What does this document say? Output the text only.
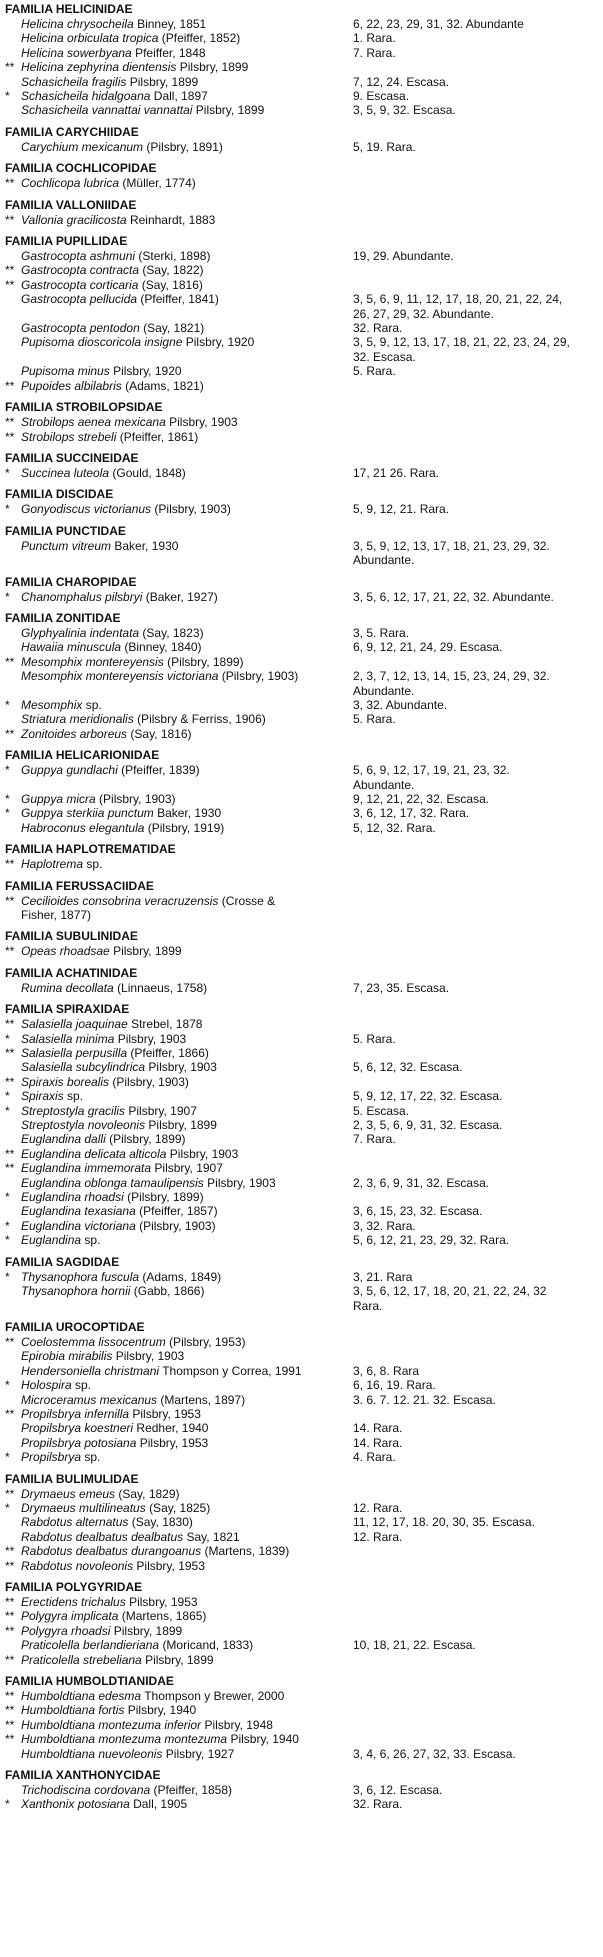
FAMILIA HELICINIDAE
Helicina chrysocheila Binney, 1851	6, 22, 23, 29, 31, 32. Abundante
Helicina orbiculata tropica (Pfeiffer, 1852)	1. Rara.
Helicina sowerbyana Pfeiffer, 1848	7. Rara.
** Helicina zephyrina dientensis Pilsbry, 1899
Schasicheila fragilis Pilsbry, 1899	7, 12, 24. Escasa.
* Schasicheila hidalgoana Dall, 1897	9. Escasa.
Schasicheila vannattai vannattai Pilsbry, 1899	3, 5, 9, 32. Escasa.
FAMILIA CARYCHIIDAE
Carychium mexicanum (Pilsbry, 1891)	5, 19. Rara.
FAMILIA COCHLICOPIDAE
** Cochlicopa lubrica (Müller, 1774)
FAMILIA VALLONIIDAE
** Vallonia gracilicosta Reinhardt, 1883
FAMILIA PUPILLIDAE
Gastrocopta ashmuni (Sterki, 1898)	19, 29. Abundante.
** Gastrocopta contracta (Say, 1822)
** Gastrocopta corticaria (Say, 1816)
Gastrocopta pellucida (Pfeiffer, 1841)	3, 5, 6, 9, 11, 12, 17, 18, 20, 21, 22, 24,
26, 27, 29, 32. Abundante.
Gastrocopta pentodon (Say, 1821)	32. Rara.
Pupisoma dioscoricola insigne Pilsbry, 1920	3, 5, 9, 12, 13, 17, 18, 21, 22, 23, 24, 29,
32. Escasa.
Pupisoma minus Pilsbry, 1920	5. Rara.
** Pupoides albilabris (Adams, 1821)
FAMILIA STROBILOPSIDAE
** Strobilops aenea mexicana Pilsbry, 1903
** Strobilops strebeli (Pfeiffer, 1861)
FAMILIA SUCCINEIDAE
* Succinea luteola (Gould, 1848)	17, 21 26. Rara.
FAMILIA DISCIDAE
* Gonyodiscus victorianus (Pilsbry, 1903)	5, 9, 12, 21. Rara.
FAMILIA PUNCTIDAE
Punctum vitreum Baker, 1930	3, 5, 9, 12, 13, 17, 18, 21, 23, 29, 32.
Abundante.
FAMILIA CHAROPIDAE
* Chanomphalus pilsbryi (Baker, 1927)	3, 5, 6, 12, 17, 21, 22, 32. Abundante.
FAMILIA ZONITIDAE
Glyphyalinia indentata (Say, 1823)	3, 5. Rara.
Hawaiia minuscula (Binney, 1840)	6, 9, 12, 21, 24, 29. Escasa.
** Mesomphix montereyensis (Pilsbry, 1899)
Mesomphix montereyensis victoriana (Pilsbry, 1903)	2, 3, 7, 12, 13, 14, 15, 23, 24, 29, 32.
Abundante.
* Mesomphix sp.	3, 32. Abundante.
Striatura meridionalis (Pilsbry & Ferriss, 1906)	5. Rara.
** Zonitoides arboreus (Say, 1816)
FAMILIA HELICARIONIDAE
* Guppya gundlachi (Pfeiffer, 1839)	5, 6, 9, 12, 17, 19, 21, 23, 32.
Abundante.
* Guppya micra (Pilsbry, 1903)	9, 12, 21, 22, 32. Escasa.
* Guppya sterkiia punctum Baker, 1930	3, 6, 12, 17, 32. Rara.
Habroconus elegantula (Pilsbry, 1919)	5, 12, 32. Rara.
FAMILIA HAPLOTREMATIDAE
** Haplotrema sp.
FAMILIA FERUSSACIIDAE
** Cecilioides consobrina veracruzensis (Crosse &
Fisher, 1877)
FAMILIA SUBULINIDAE
** Opeas rhoadsae Pilsbry, 1899
FAMILIA ACHATINIDAE
Rumina decollata (Linnaeus, 1758)	7, 23, 35. Escasa.
FAMILIA SPIRAXIDAE
** Salasiella joaquinae Strebel, 1878
* Salasiella minima Pilsbry, 1903	5. Rara.
** Salasiella perpusilla (Pfeiffer, 1866)
Salasiella subcylindrica Pilsbry, 1903	5, 6, 12, 32. Escasa.
** Spiraxis borealis (Pilsbry, 1903)
* Spiraxis sp.	5, 9, 12, 17, 22, 32. Escasa.
* Streptostyla gracilis Pilsbry, 1907	5. Escasa.
Streptostyla novoleonis Pilsbry, 1899	2, 3, 5, 6, 9, 31, 32. Escasa.
Euglandina dalli (Pilsbry, 1899)	7. Rara.
** Euglandina delicata alticola Pilsbry, 1903
** Euglandina immemorata Pilsbry, 1907
Euglandina oblonga tamaulipensis Pilsbry, 1903	2, 3, 6, 9, 31, 32. Escasa.
* Euglandina rhoadsi (Pilsbry, 1899)
Euglandina texasiana (Pfeiffer, 1857)	3, 6, 15, 23, 32. Escasa.
* Euglandina victoriana (Pilsbry, 1903)	3, 32. Rara.
* Euglandina sp.	5, 6, 12, 21, 23, 29, 32. Rara.
FAMILIA SAGDIDAE
* Thysanophora fuscula (Adams, 1849)	3, 21. Rara
Thysanophora hornii (Gabb, 1866)	3, 5, 6, 12, 17, 18, 20, 21, 22, 24, 32
Rara.
FAMILIA UROCOPTIDAE
** Coelostemma lissocentrum (Pilsbry, 1953)
Epirobia mirabilis Pilsbry, 1903
Hendersoniella christmani Thompson y Correa, 1991	3, 6, 8. Rara
* Holospira sp.	6, 16, 19. Rara.
Microceramus mexicanus (Martens, 1897)	3. 6. 7. 12. 21. 32. Escasa.
** Propilsbrya infernilla Pilsbry, 1953
Propilsbrya koestneri Redher, 1940	14. Rara.
Propilsbrya potosiana Pilsbry, 1953	14. Rara.
* Propilsbrya sp.	4. Rara.
FAMILIA BULIMULIDAE
** Drymaeus emeus (Say, 1829)
* Drymaeus multilineatus (Say, 1825)	12. Rara.
Rabdotus alternatus (Say, 1830)	11, 12, 17, 18. 20, 30, 35. Escasa.
Rabdotus dealbatus dealbatus Say, 1821	12. Rara.
** Rabdotus dealbatus durangoanus (Martens, 1839)
** Rabdotus novoleonis Pilsbry, 1953
FAMILIA POLYGYRIDAE
** Erectidens trichalus Pilsbry, 1953
** Polygyra implicata (Martens, 1865)
** Polygyra rhoadsi Pilsbry, 1899
Praticolella berlandieriana (Moricand, 1833)	10, 18, 21, 22. Escasa.
** Praticolella strebeliana Pilsbry, 1899
FAMILIA HUMBOLDTIANIDAE
** Humboldtiana edesma Thompson y Brewer, 2000
** Humboldtiana fortis Pilsbry, 1940
** Humboldtiana montezuma inferior Pilsbry, 1948
** Humboldtiana montezuma montezuma Pilsbry, 1940
Humboldtiana nuevoleonis Pilsbry, 1927	3, 4, 6, 26, 27, 32, 33. Escasa.
FAMILIA XANTHONYCIDAE
Trichodiscina cordovana (Pfeiffer, 1858)	3, 6, 12. Escasa.
* Xanthonix potosiana Dall, 1905	32. Rara.
